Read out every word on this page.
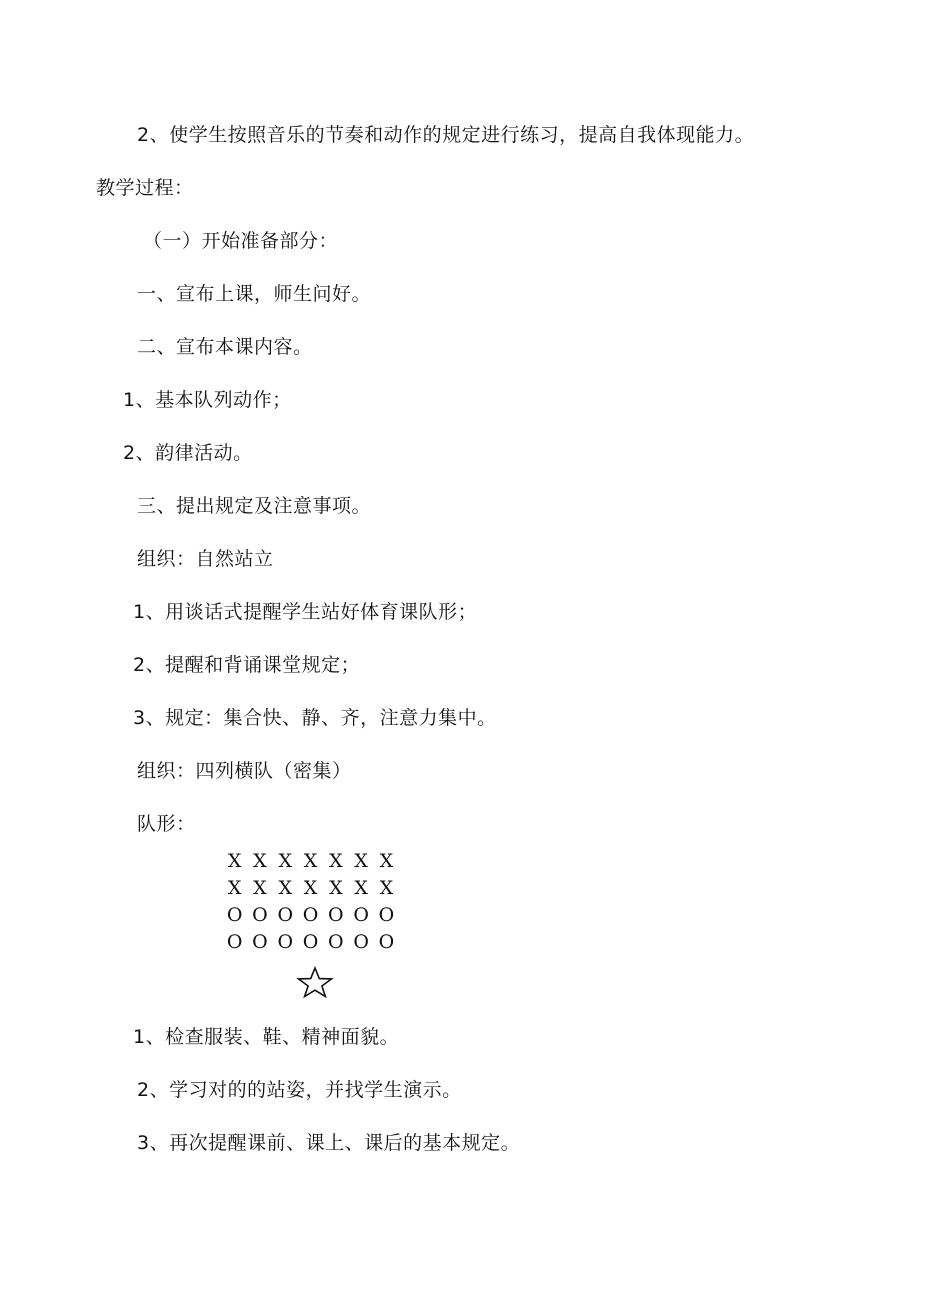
2、使学生按照音乐的节奏和动作的规定进行练习，提高自我体现能力。
教学过程：
（一）开始准备部分：
一、宣布上课，师生问好。
二、宣布本课内容。
1、基本队列动作；
2、韵律活动。
三、提出规定及注意事项。
组织：自然站立
1、用谈话式提醒学生站好体育课队形；
2、提醒和背诵课堂规定；
3、规定：集合快、静、齐，注意力集中。
组织：四列横队（密集）
队形：
X X X X X X X
X X X X X X X
O O O O O O O
O O O O O O O
1、检查服装、鞋、精神面貌。
2、学习对的的站姿，并找学生演示。
3、再次提醒课前、课上、课后的基本规定。
